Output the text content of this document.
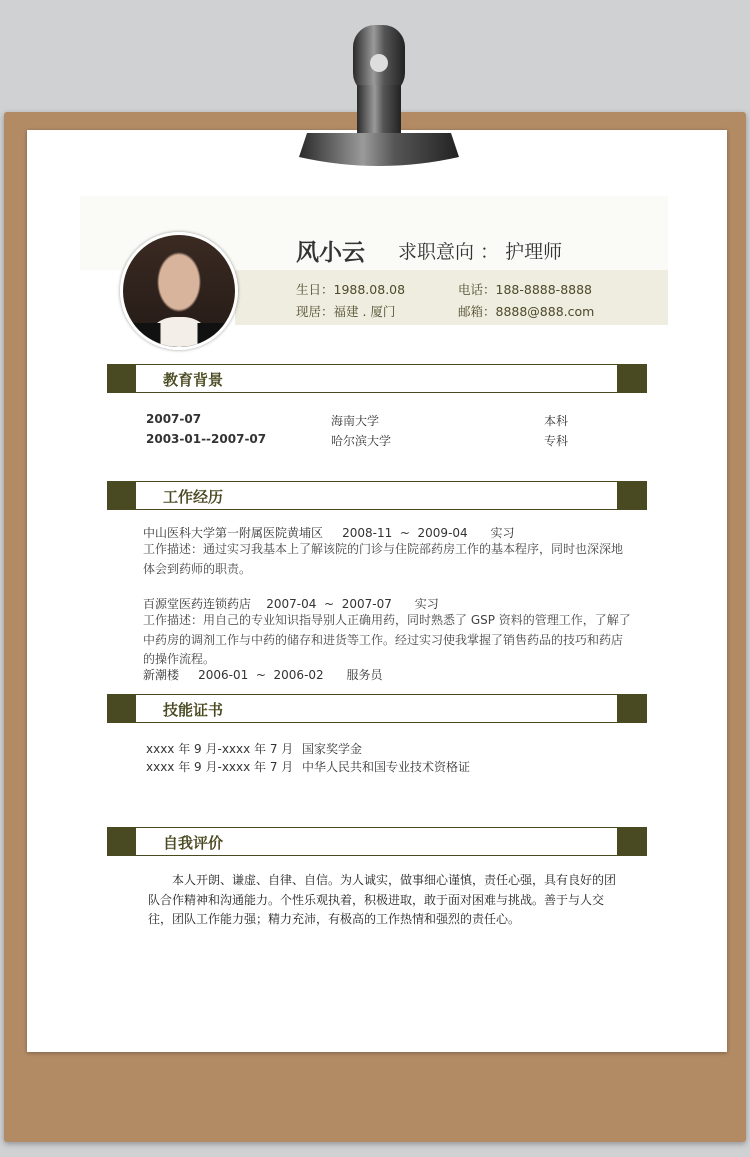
风小云 求职意向 ： 护理师
生日：1988.08.08	电话：188-8888-8888
现居：福建 . 厦门	邮箱：8888@888.com
教育背景
2007-07	海南大学	本科
2003-01--2007-07	哈尔滨大学	专科
工作经历
中山医科大学第一附属医院黄埔区     2008-11  ~  2009-04      实习
工作描述：通过实习我基本上了解该院的门诊与住院部药房工作的基本程序，同时也深深地体会到药师的职责。
百源堂医药连锁药店    2007-04  ~  2007-07      实习
工作描述：用自己的专业知识指导别人正确用药，同时熟悉了 GSP 资料的管理工作，了解了中药房的调剂工作与中药的储存和进货等工作。经过实习使我掌握了销售药品的技巧和药店的操作流程。
新潮楼     2006-01  ~  2006-02      服务员
技能证书
xxxx 年 9 月-xxxx 年 7 月 国家奖学金
xxxx 年 9 月-xxxx 年 7 月 中华人民共和国专业技术资格证
自我评价
本人开朗、谦虚、自律、自信。为人诚实，做事细心谨慎，责任心强，具有良好的团队合作精神和沟通能力。个性乐观执着，积极进取，敢于面对困难与挑战。善于与人交往，团队工作能力强；精力充沛，有极高的工作热情和强烈的责任心。
